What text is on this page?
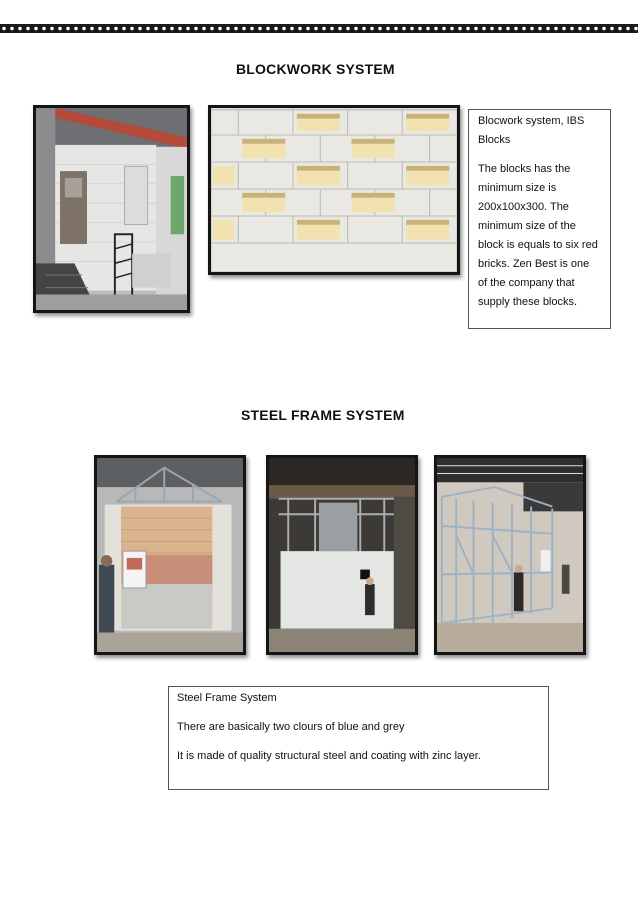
BLOCKWORK SYSTEM

Blocwork system, IBS Blocks

The blocks has the minimum size is 200x100x300. The minimum size of the block is equals to six red bricks. Zen Best is one of the company that supply these blocks.

STEEL FRAME SYSTEM

Steel Frame System

There are basically two clours of blue and grey

It is made of quality structural steel and coating with zinc layer.
